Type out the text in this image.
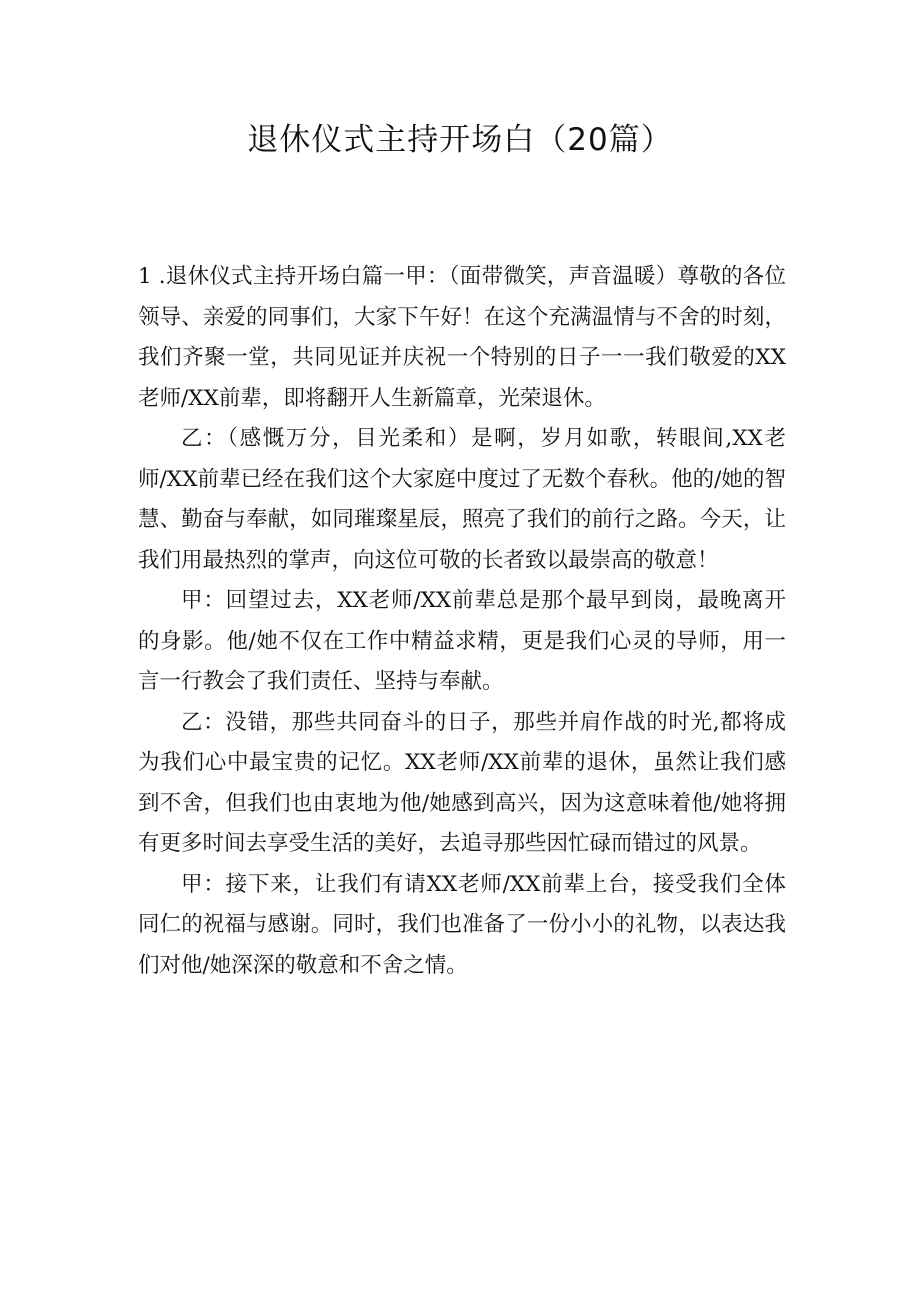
退休仪式主持开场白（20篇）

1 .退休仪式主持开场白篇一甲：（面带微笑，声音温暖）尊敬的各位领导、亲爱的同事们，大家下午好！在这个充满温情与不舍的时刻，我们齐聚一堂，共同见证并庆祝一个特别的日子一一我们敬爱的XX老师/XX前辈，即将翻开人生新篇章，光荣退休。

乙：（感慨万分，目光柔和）是啊，岁月如歌，转眼间,XX老师/XX前辈已经在我们这个大家庭中度过了无数个春秋。他的/她的智慧、勤奋与奉献，如同璀璨星辰，照亮了我们的前行之路。今天，让我们用最热烈的掌声，向这位可敬的长者致以最崇高的敬意！

甲：回望过去，XX老师/XX前辈总是那个最早到岗，最晚离开的身影。他/她不仅在工作中精益求精，更是我们心灵的导师，用一言一行教会了我们责任、坚持与奉献。

乙：没错，那些共同奋斗的日子，那些并肩作战的时光,都将成为我们心中最宝贵的记忆。XX老师/XX前辈的退休，虽然让我们感到不舍，但我们也由衷地为他/她感到高兴，因为这意味着他/她将拥有更多时间去享受生活的美好，去追寻那些因忙碌而错过的风景。

甲：接下来，让我们有请XX老师/XX前辈上台，接受我们全体同仁的祝福与感谢。同时，我们也准备了一份小小的礼物，以表达我们对他/她深深的敬意和不舍之情。
